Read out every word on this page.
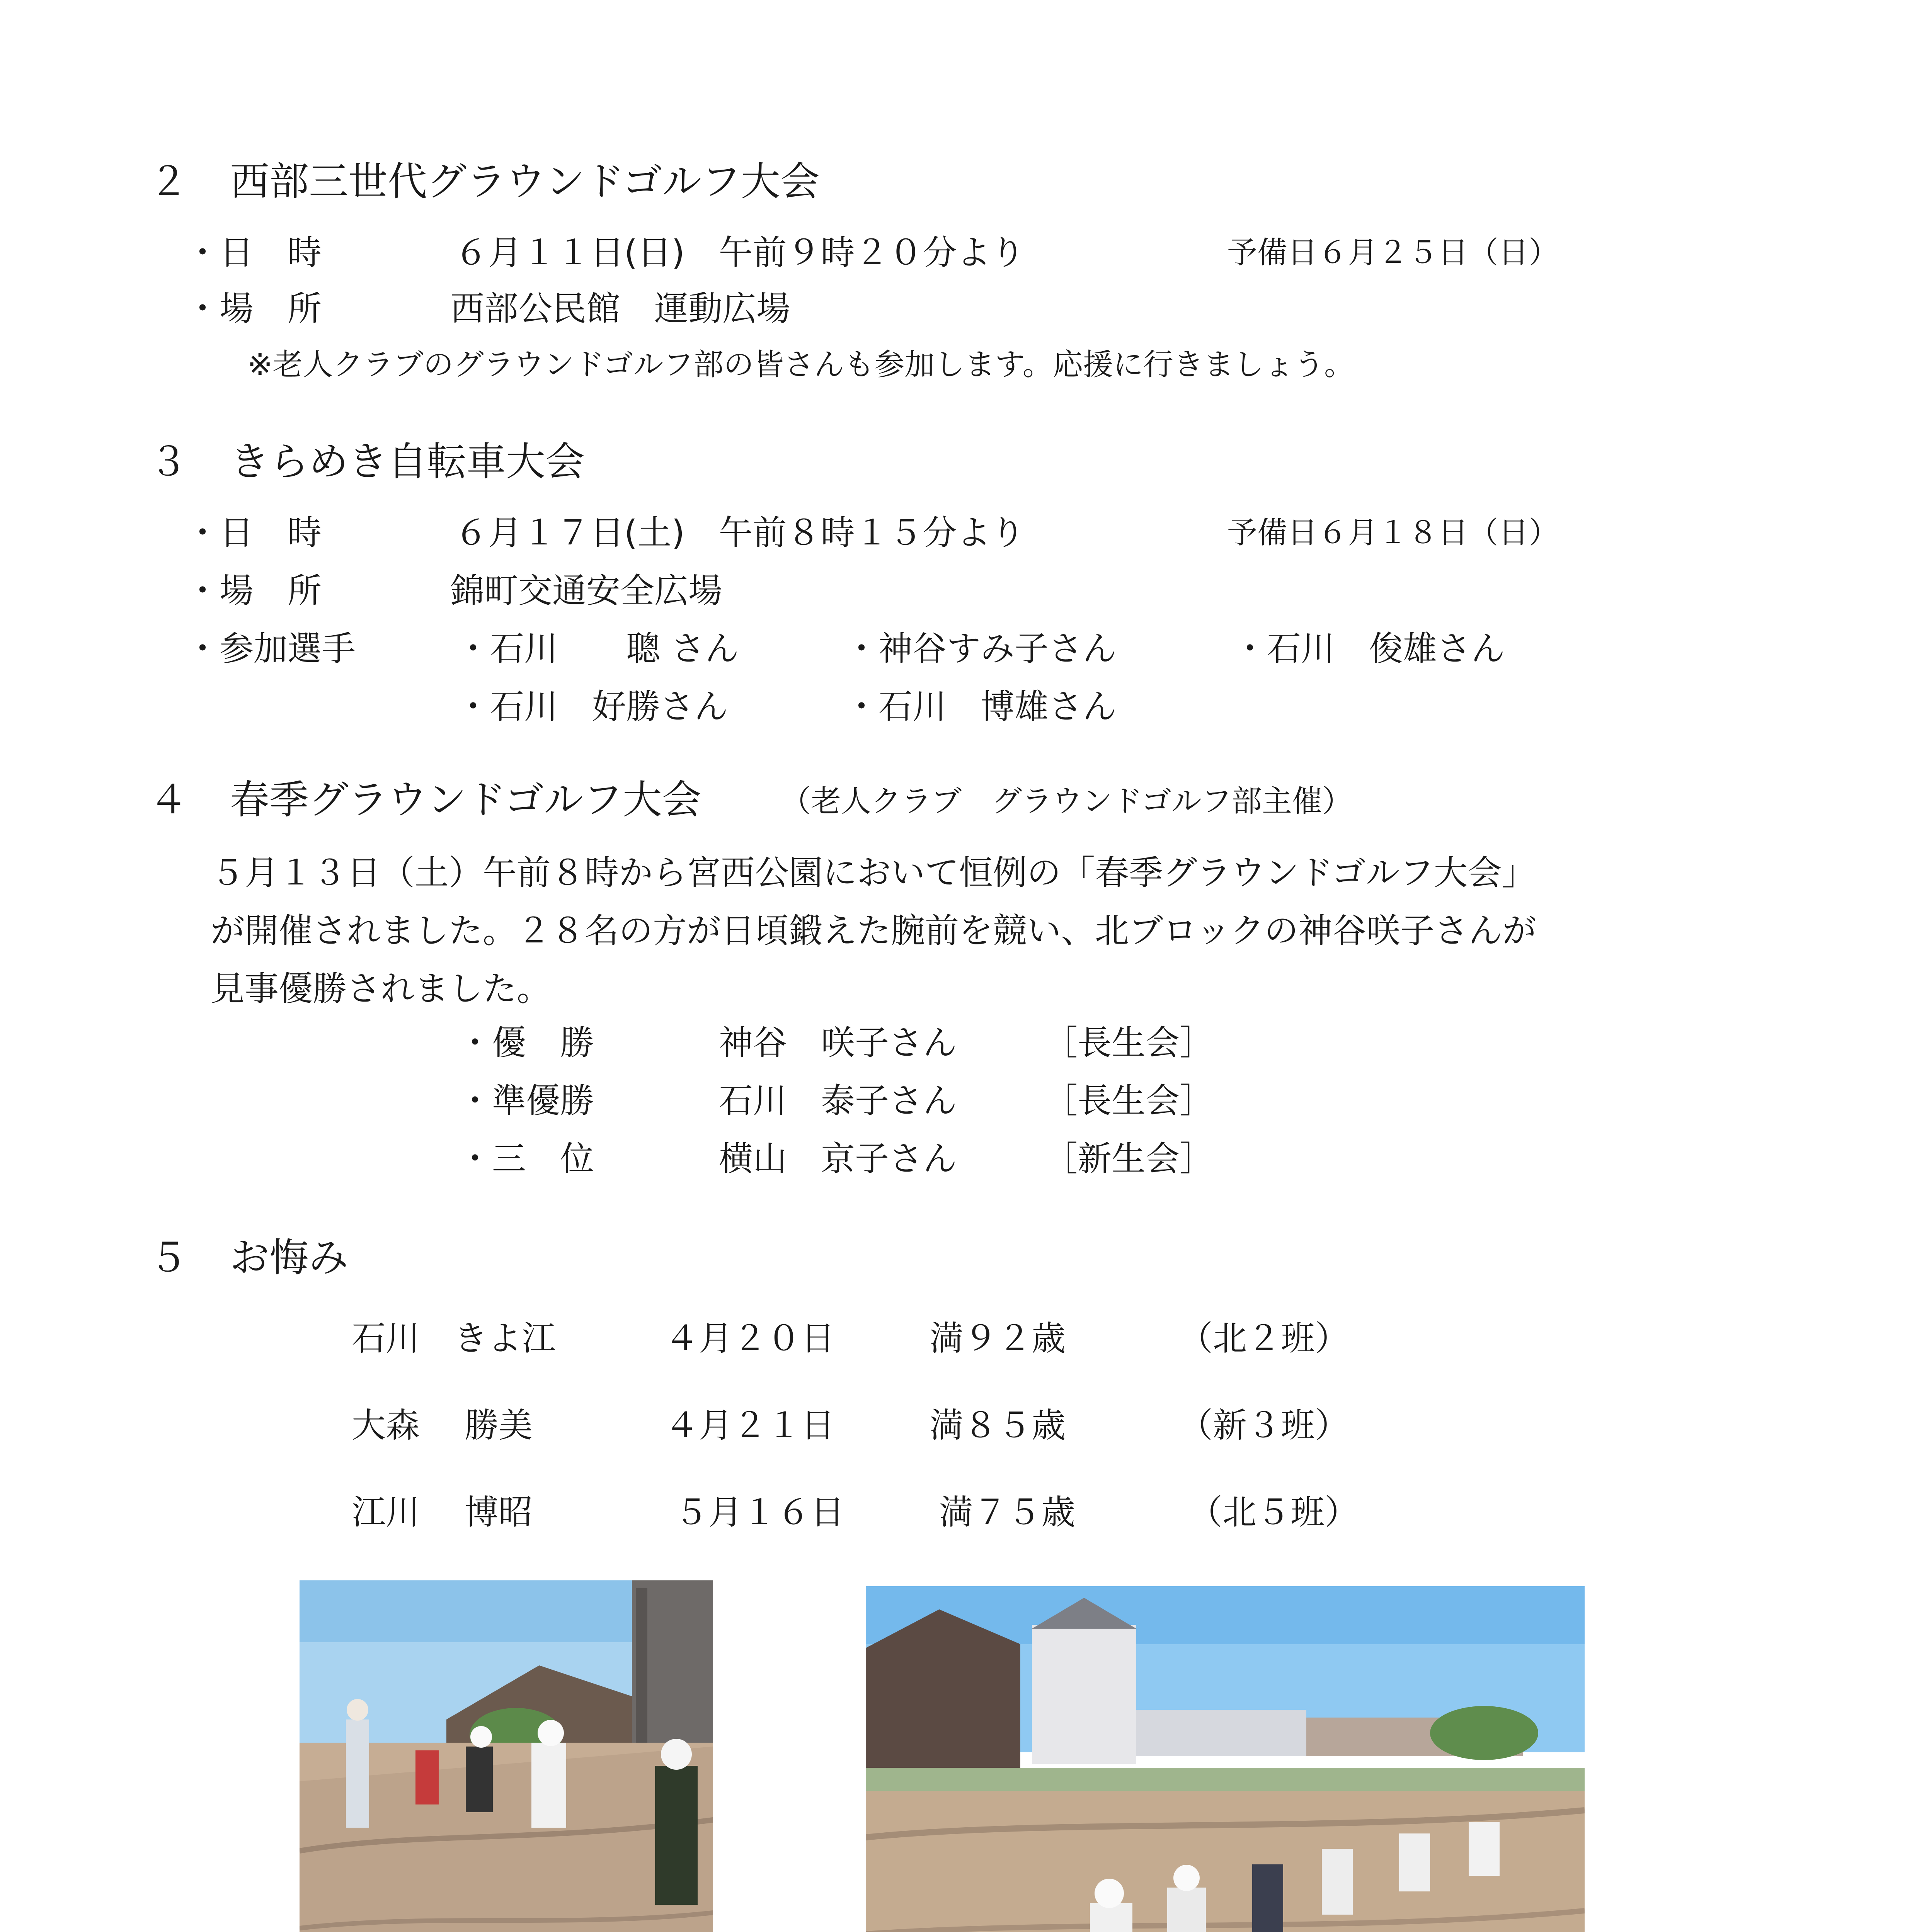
２ 西部三世代グラウンドゴルフ大会
・日　時	６月１１日(日)　午前９時２０分より	予備日６月２５日（日）
・場　所	西部公民館　運動広場
※老人クラブのグラウンドゴルフ部の皆さんも参加します。応援に行きましょう。
３ きらめき自転車大会
・日　時	６月１７日(土)　午前８時１５分より	予備日６月１８日（日）
・場　所	錦町交通安全広場
・参加選手	・石川　　聰 さん	・神谷すみ子さん	・石川　俊雄さん
・石川　好勝さん	・石川　博雄さん
４ 春季グラウンドゴルフ大会	（老人クラブ　グラウンドゴルフ部主催）
５月１３日（土）午前８時から宮西公園において恒例の「春季グラウンドゴルフ大会」
が開催されました。２８名の方が日頃鍛えた腕前を競い、北ブロックの神谷咲子さんが
見事優勝されました。
・優　勝	神谷　咲子さん	［長生会］
・準優勝	石川　泰子さん	［長生会］
・三　位	横山　京子さん	［新生会］
５ お悔み
石川　きよ江	４月２０日	満９２歳	（北２班）
大森　 勝美	４月２１日	満８５歳	（新３班）
江川　 博昭	５月１６日	満７５歳	（北５班）
